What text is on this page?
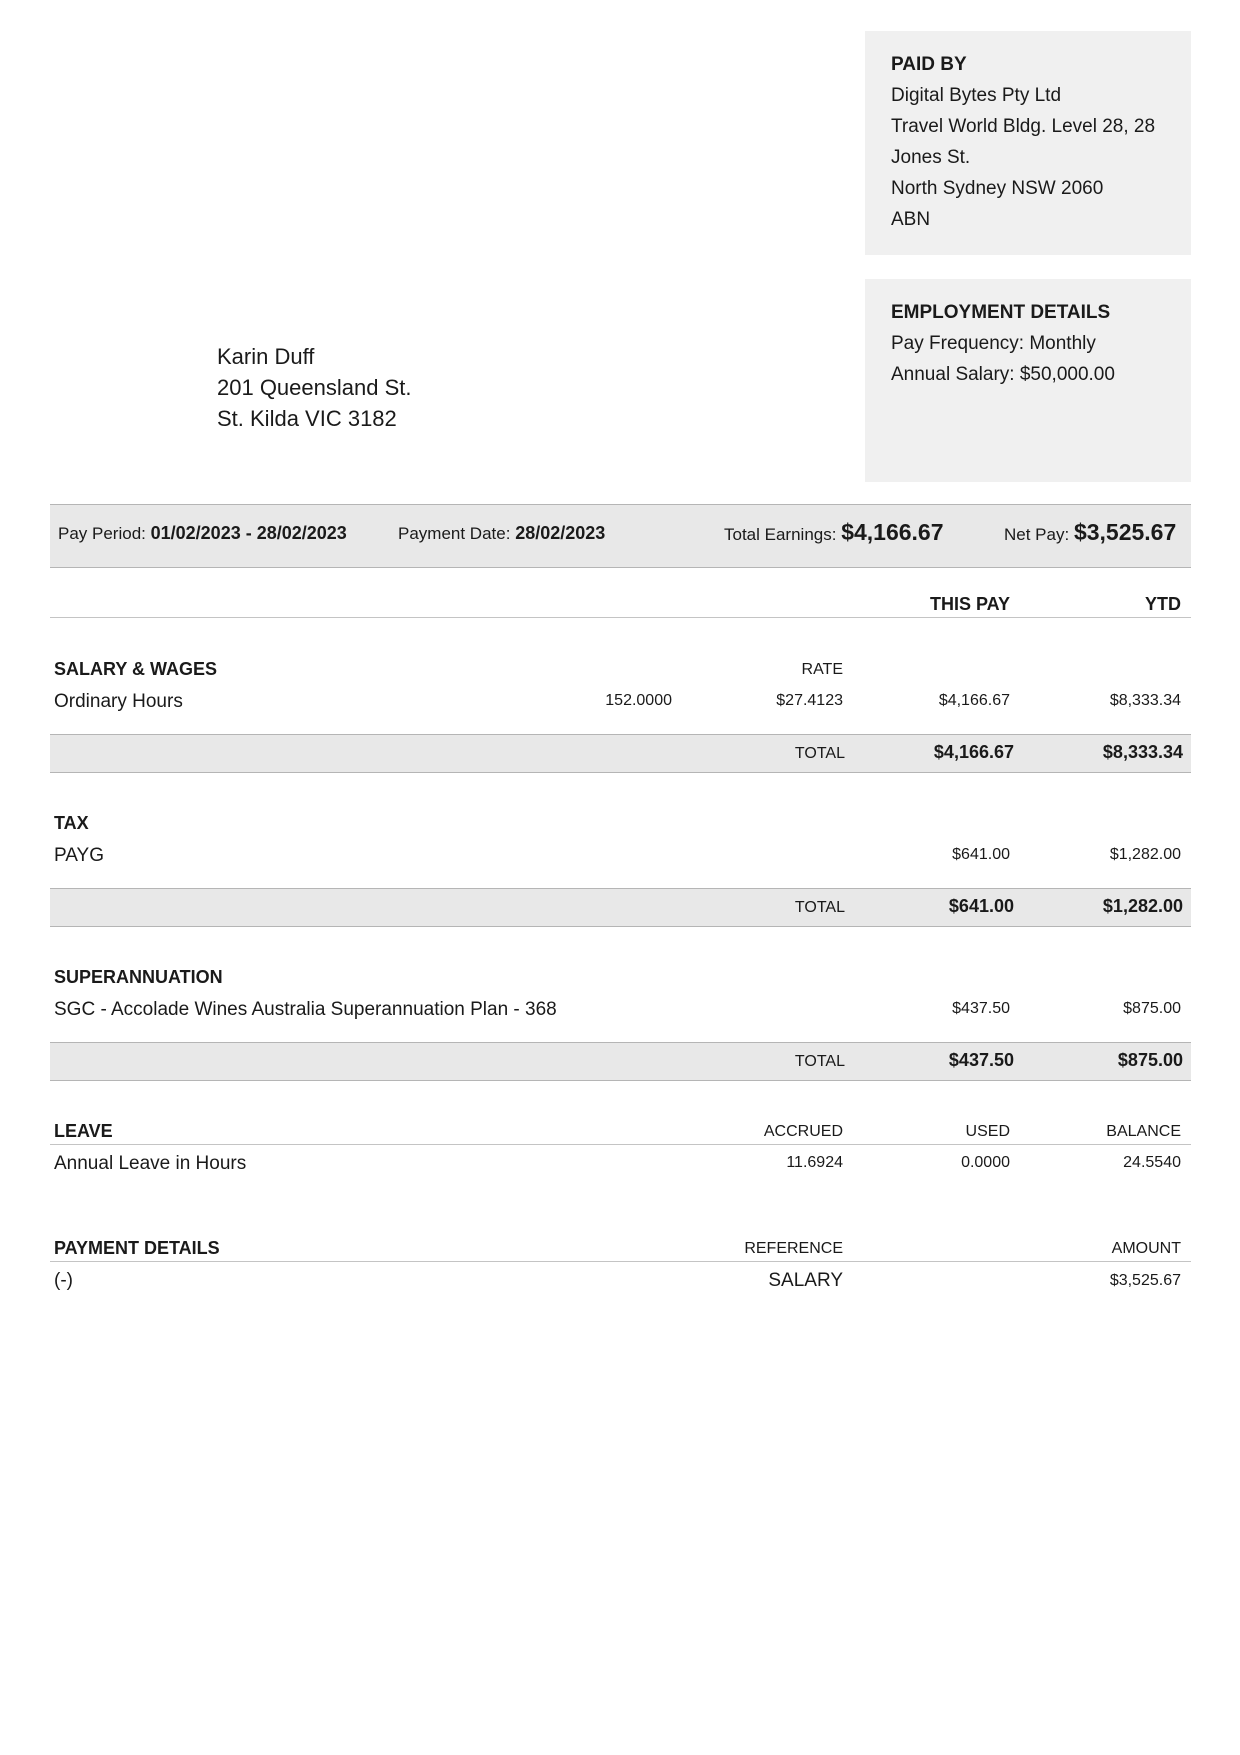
PAID BY
Digital Bytes Pty Ltd
Travel World Bldg. Level 28, 28
Jones St.
North Sydney NSW 2060
ABN
EMPLOYMENT DETAILS
Pay Frequency: Monthly
Annual Salary: $50,000.00
Karin Duff
201 Queensland St.
St. Kilda VIC 3182
Pay Period: 01/02/2023 - 28/02/2023	Payment Date: 28/02/2023	Total Earnings: $4,166.67	Net Pay: $3,525.67
THIS PAY	YTD
SALARY & WAGES	RATE
Ordinary Hours	152.0000	$27.4123	$4,166.67	$8,333.34
TOTAL	$4,166.67	$8,333.34
TAX
PAYG	$641.00	$1,282.00
TOTAL	$641.00	$1,282.00
SUPERANNUATION
SGC - Accolade Wines Australia Superannuation Plan - 368	$437.50	$875.00
TOTAL	$437.50	$875.00
LEAVE	ACCRUED	USED	BALANCE
Annual Leave in Hours	11.6924	0.0000	24.5540
PAYMENT DETAILS	REFERENCE	AMOUNT
(-)	SALARY	$3,525.67
